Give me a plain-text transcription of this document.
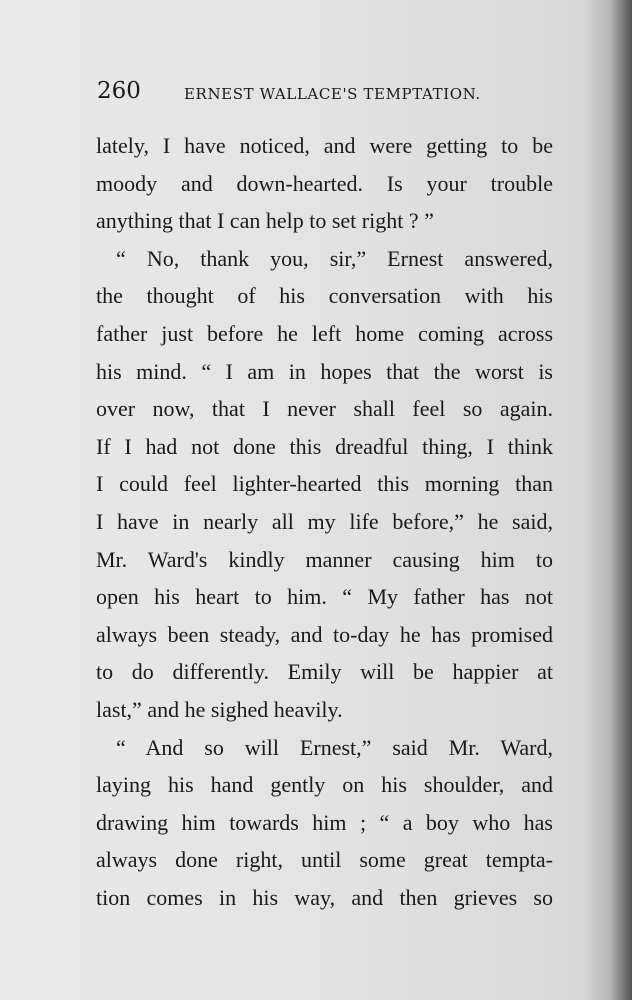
260	ERNEST WALLACE'S TEMPTATION.
lately, I have noticed, and were getting to be
moody and down-hearted. Is your trouble
anything that I can help to set right ? ”
“ No, thank you, sir,” Ernest answered,
the thought of his conversation with his
father just before he left home coming across
his mind. “ I am in hopes that the worst is
over now, that I never shall feel so again.
If I had not done this dreadful thing, I think
I could feel lighter-hearted this morning than
I have in nearly all my life before,” he said,
Mr. Ward's kindly manner causing him to
open his heart to him. “ My father has not
always been steady, and to-day he has promised
to do differently. Emily will be happier at
last,” and he sighed heavily.
“ And so will Ernest,” said Mr. Ward,
laying his hand gently on his shoulder, and
drawing him towards him ; “ a boy who has
always done right, until some great tempta-
tion comes in his way, and then grieves so
